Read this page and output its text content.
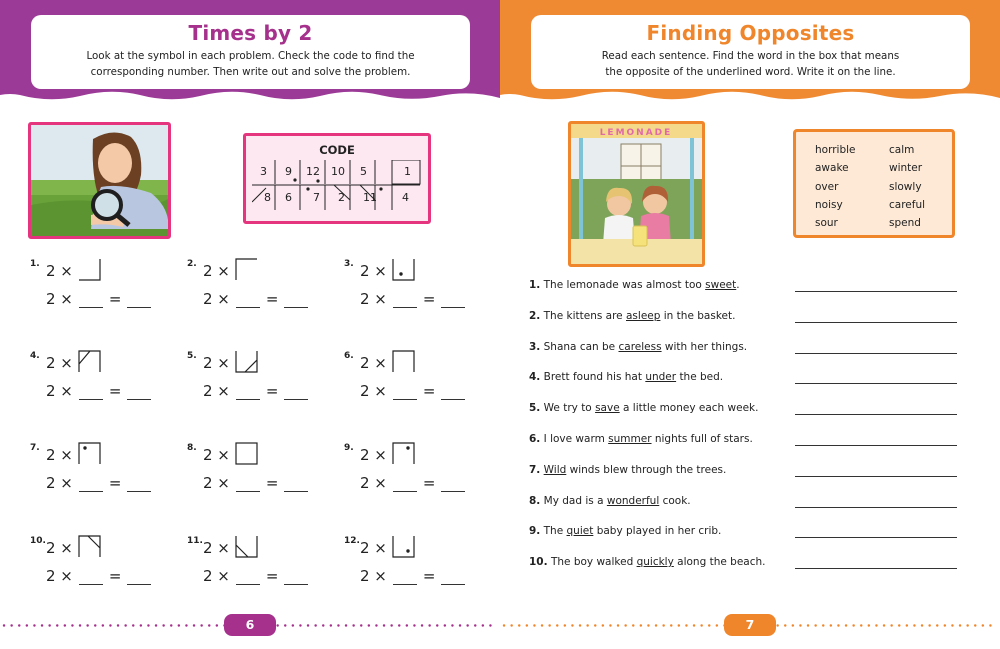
Times by 2
Look at the symbol in each problem. Check the code to find the
corresponding number. Then write out and solve the problem.
CODE
3 9 12 10 5	1
8 6 7 2 11 4
1. 2 ×
2 × =
2. 2 ×
2 × =
3. 2 ×
2 × =
4. 2 ×
2 × =
5. 2 ×
2 × =
6. 2 ×
2 × =
7. 2 ×
2 × =
8. 2 ×
2 × =
9. 2 ×
2 × =
10. 2 ×
2 × =
11. 2 ×
2 × =
12. 2 ×
2 × =
6
Finding Opposites
Read each sentence. Find the word in the box that means
the opposite of the underlined word. Write it on the line.
LEMONADE
horrible
awake
over
noisy
sour
calm
winter
slowly
careful
spend
1. The lemonade was almost too sweet.
2. The kittens are asleep in the basket.
3. Shana can be careless with her things.
4. Brett found his hat under the bed.
5. We try to save a little money each week.
6. I love warm summer nights full of stars.
7. Wild winds blew through the trees.
8. My dad is a wonderful cook.
9. The quiet baby played in her crib.
10. The boy walked quickly along the beach.
7
